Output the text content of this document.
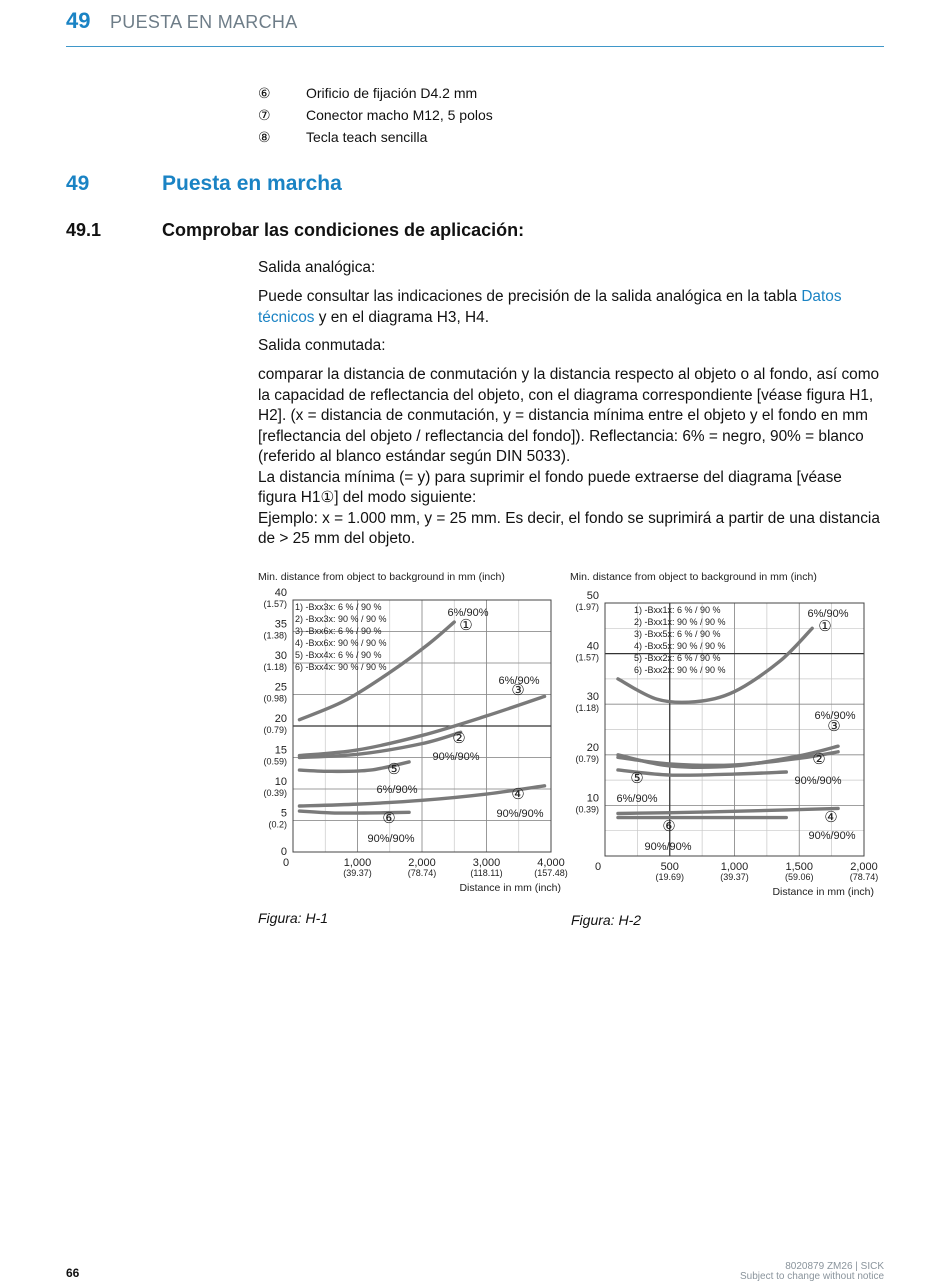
49 PUESTA EN MARCHA
⑥	Orificio de fijación D4.2 mm
⑦	Conector macho M12, 5 polos
⑧	Tecla teach sencilla
49	Puesta en marcha
49.1	Comprobar las condiciones de aplicación:

Salida analógica:

Puede consultar las indicaciones de precisión de la salida analógica en la tabla Datos técnicos y en el diagrama H3, H4.

Salida conmutada:

comparar la distancia de conmutación y la distancia respecto al objeto o al fondo, así como la capacidad de reflectancia del objeto, con el diagrama correspondiente [véase figura H1, H2]. (x = distancia de conmutación, y = distancia mínima entre el objeto y el fondo en mm [reflectancia del objeto / reflectancia del fondo]). Reflectancia: 6% = negro, 90% = blanco (referido al blanco estándar según DIN 5033).

La distancia mínima (= y) para suprimir el fondo puede extraerse del diagrama [véase figura H1①] del modo siguiente:

Ejemplo: x = 1.000 mm, y = 25 mm. Es decir, el fondo se suprimirá a partir de una distancia de > 25 mm del objeto.

Min. distance from object to background in mm (inch)
0
5
(0.2)
10
(0.39)
15
(0.59)
20
(0.79)
25
(0.98)
30
(1.18)
35
(1.38)
40
(1.57)
0	1,000
(39.37)
2,000
(78.74)
3,000
(118.11)
4,000
(157.48)
Distance in mm (inch)
1) -Bxx3x: 6 % / 90 %
2) -Bxx3x: 90 % / 90 %
3) -Bxx6x: 6 % / 90 %
4) -Bxx6x: 90 % / 90 %
5) -Bxx4x: 6 % / 90 %
6) -Bxx4x: 90 % / 90 %
①
6%/90%
②
90%/90%
③
6%/90%
④
90%/90%
⑤
6%/90%
⑥
90%/90%
Figura: H-1
Min. distance from object to background in mm (inch)
10
(0.39)
20
(0.79)
30
(1.18)
40
(1.57)
50
(1.97)
0	500
(19.69)
1,000
(39.37)
1,500
(59.06)
2,000
(78.74)
Distance in mm (inch)
1) -Bxx1x: 6 % / 90 %
2) -Bxx1x: 90 % / 90 %
3) -Bxx5x: 6 % / 90 %
4) -Bxx5x: 90 % / 90 %
5) -Bxx2x: 6 % / 90 %
6) -Bxx2x: 90 % / 90 %
①
6%/90%
②
90%/90%
③
6%/90%
④
90%/90%
⑤
6%/90%
⑥
90%/90%
Figura: H-2
66	8020879 ZM26 | SICK
Subject to change without notice
